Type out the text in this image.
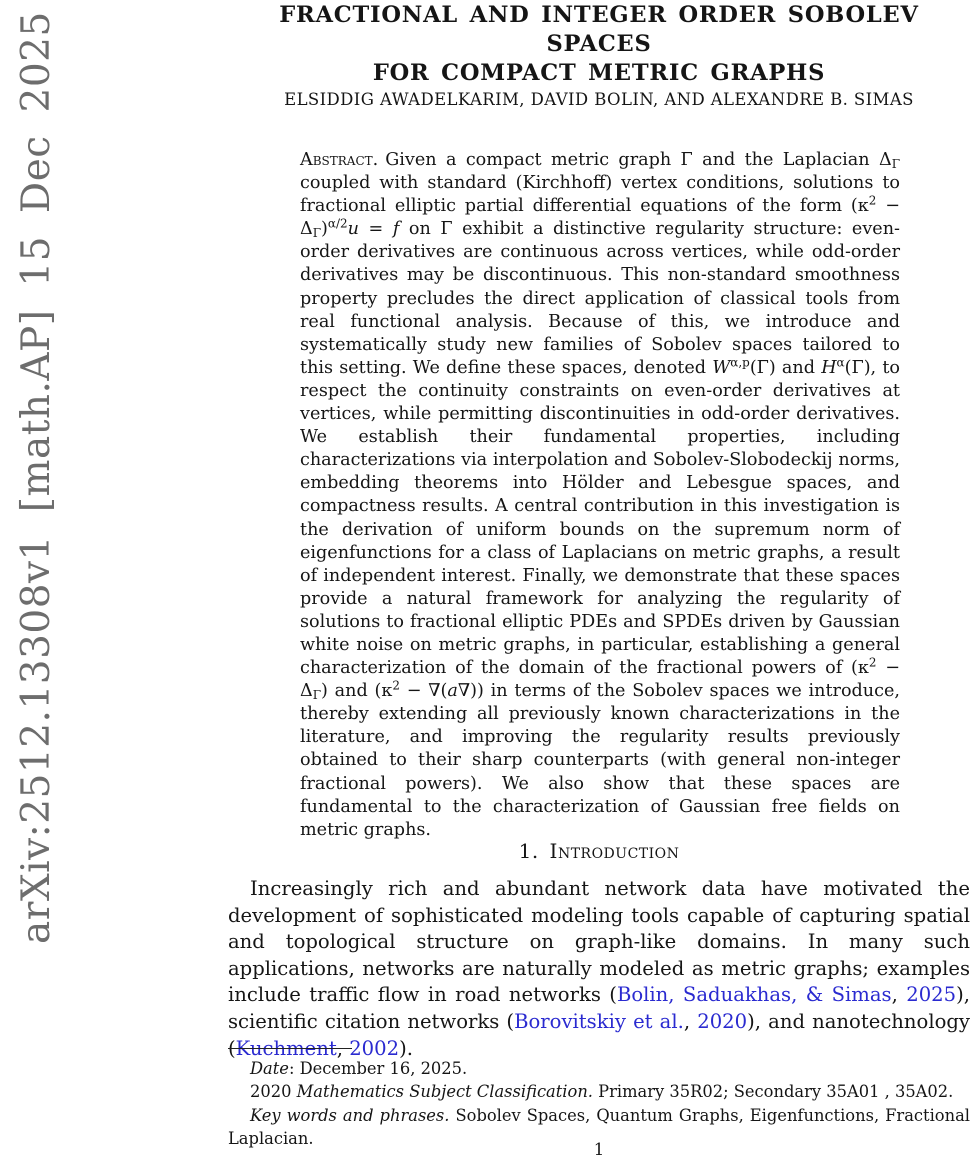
arXiv:2512.13308v1 [math.AP] 15 Dec 2025	FRACTIONAL AND INTEGER ORDER SOBOLEV SPACES
FOR COMPACT METRIC GRAPHS
ELSIDDIG AWADELKARIM, DAVID BOLIN, AND ALEXANDRE B. SIMAS
Abstract. Given a compact metric graph Γ and the Laplacian $\Delta_\Gamma$ coupled with standard (Kirchhoff) vertex conditions, solutions to fractional elliptic partial differential equations of the form $(\kappa^2 - \Delta_\Gamma)^{\alpha/2}u = f$ on Γ exhibit a distinctive regularity structure: even-order derivatives are continuous across vertices, while odd-order derivatives may be discontinuous. This non-standard smoothness property precludes the direct application of classical tools from real functional analysis. Because of this, we introduce and systematically study new families of Sobolev spaces tailored to this setting. We define these spaces, denoted $W^{\alpha,p}(\Gamma)$ and $H^\alpha(\Gamma)$, to respect the continuity constraints on even-order derivatives at vertices, while permitting discontinuities in odd-order derivatives. We establish their fundamental properties, including characterizations via interpolation and Sobolev-Slobodeckij norms, embedding theorems into Hölder and Lebesgue spaces, and compactness results. A central contribution in this investigation is the derivation of uniform bounds on the supremum norm of eigenfunctions for a class of Laplacians on metric graphs, a result of independent interest. Finally, we demonstrate that these spaces provide a natural framework for analyzing the regularity of solutions to fractional elliptic PDEs and SPDEs driven by Gaussian white noise on metric graphs, in particular, establishing a general characterization of the domain of the fractional powers of $(\kappa^2 - \Delta_\Gamma)$ and $(\kappa^2 - \nabla(a\nabla))$ in terms of the Sobolev spaces we introduce, thereby extending all previously known characterizations in the literature, and improving the regularity results previously obtained to their sharp counterparts (with general non-integer fractional powers). We also show that these spaces are fundamental to the characterization of Gaussian free fields on metric graphs.
1. Introduction
Increasingly rich and abundant network data have motivated the development of sophisticated modeling tools capable of capturing spatial and topological structure on graph-like domains. In many such applications, networks are naturally modeled as metric graphs; examples include traffic flow in road networks (Bolin, Saduakhas, & Simas, 2025), scientific citation networks (Borovitskiy et al., 2020), and nanotechnology (Kuchment, 2002).

Date: December 16, 2025.

2020 Mathematics Subject Classification. Primary 35R02; Secondary 35A01 , 35A02.

Key words and phrases. Sobolev Spaces, Quantum Graphs, Eigenfunctions, Fractional Laplacian.

1
